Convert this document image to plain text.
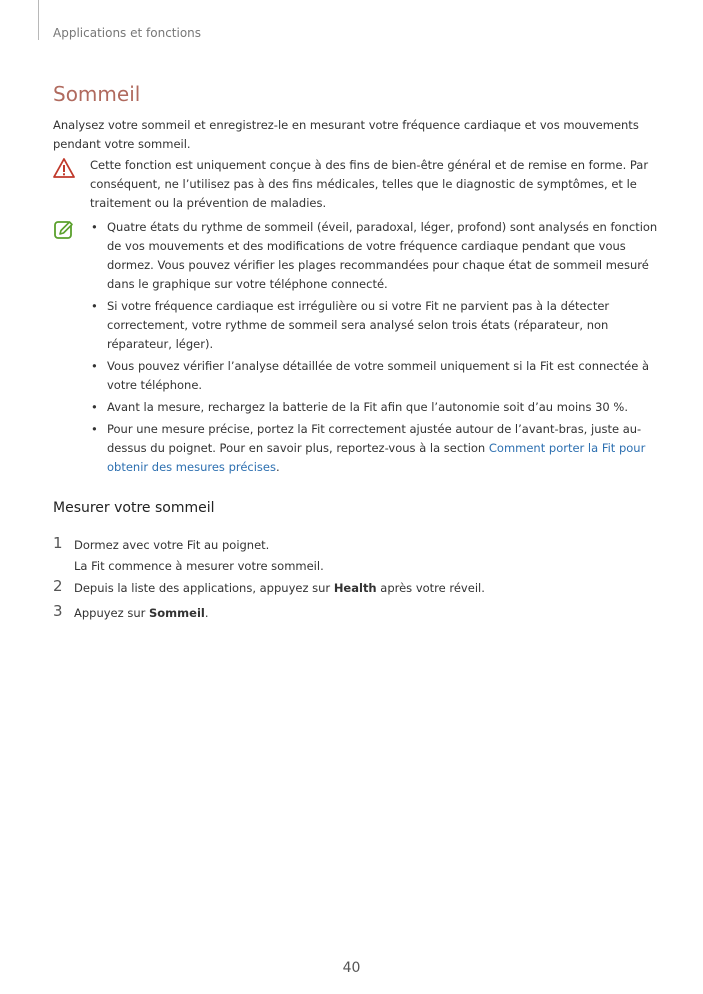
Applications et fonctions
Sommeil

Analysez votre sommeil et enregistrez-le en mesurant votre fréquence cardiaque et vos mouvements pendant votre sommeil.

Cette fonction est uniquement conçue à des fins de bien-être général et de remise en forme. Par conséquent, ne l’utilisez pas à des fins médicales, telles que le diagnostic de symptômes, et le traitement ou la prévention de maladies.

• Quatre états du rythme de sommeil (éveil, paradoxal, léger, profond) sont analysés en fonction de vos mouvements et des modifications de votre fréquence cardiaque pendant que vous dormez. Vous pouvez vérifier les plages recommandées pour chaque état de sommeil mesuré dans le graphique sur votre téléphone connecté.
• Si votre fréquence cardiaque est irrégulière ou si votre Fit ne parvient pas à la détecter correctement, votre rythme de sommeil sera analysé selon trois états (réparateur, non réparateur, léger).
• Vous pouvez vérifier l’analyse détaillée de votre sommeil uniquement si la Fit est connectée à votre téléphone.
• Avant la mesure, rechargez la batterie de la Fit afin que l’autonomie soit d’au moins 30 %.
• Pour une mesure précise, portez la Fit correctement ajustée autour de l’avant-bras, juste au-dessus du poignet. Pour en savoir plus, reportez-vous à la section Comment porter la Fit pour obtenir des mesures précises.
Mesurer votre sommeil
1 Dormez avec votre Fit au poignet.
La Fit commence à mesurer votre sommeil.
2 Depuis la liste des applications, appuyez sur Health après votre réveil.
3 Appuyez sur Sommeil.
40
